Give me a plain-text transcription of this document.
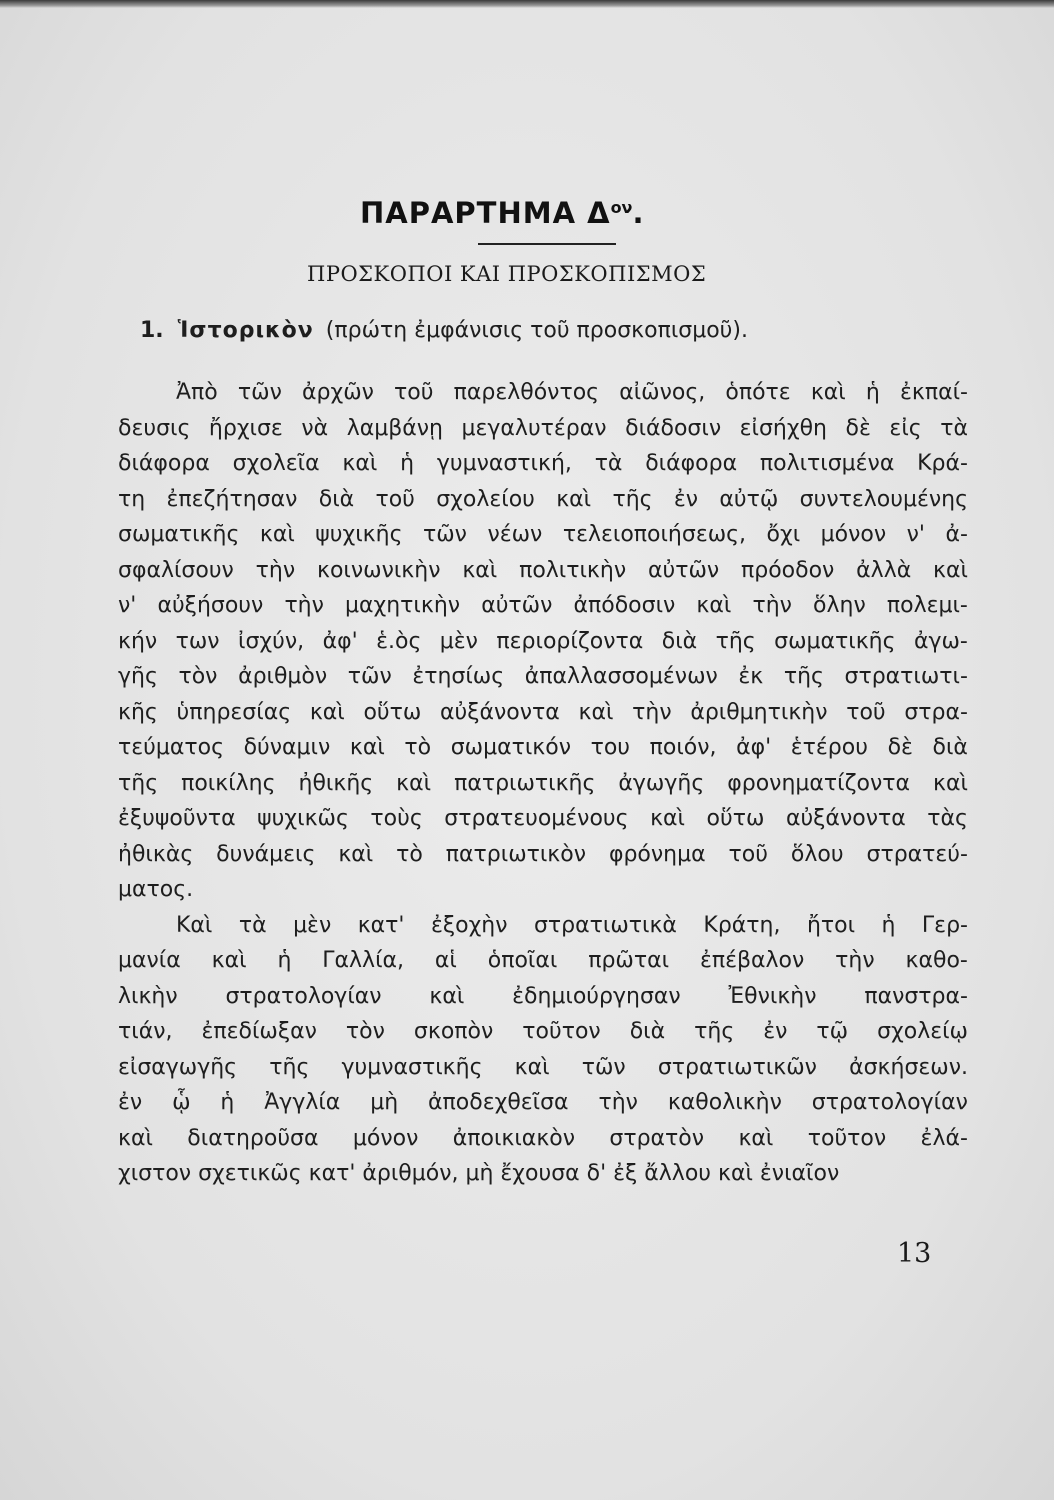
ΠΑΡΑΡΤΗΜΑ $\Delta^{o\nu}$.
ΠΡΟΣΚΟΠΟΙ ΚΑΙ ΠΡΟΣΚΟΠΙΣΜΟΣ
1. Ἱστορικὸν (πρώτη ἐμφάνισις τοῦ προσκοπισμοῦ).
Ἀπὸ τῶν ἀρχῶν τοῦ παρελθόντος αἰῶνος, ὁπότε καὶ ἡ ἐκπαί-
δευσις ἤρχισε νὰ λαμβάνῃ μεγαλυτέραν διάδοσιν εἰσήχθη δὲ εἰς τὰ
διάφορα σχολεῖα καὶ ἡ γυμναστική, τὰ διάφορα πολιτισμένα Κρά-
τη ἐπεζήτησαν διὰ τοῦ σχολείου καὶ τῆς ἐν αὐτῷ συντελουμένης
σωματικῆς καὶ ψυχικῆς τῶν νέων τελειοποιήσεως, ὄχι μόνον ν' ἀ-
σφαλίσουν τὴν κοινωνικὴν καὶ πολιτικὴν αὐτῶν πρόοδον ἀλλὰ καὶ
ν' αὐξήσουν τὴν μαχητικὴν αὐτῶν ἀπόδοσιν καὶ τὴν ὅλην πολεμι-
κήν των ἰσχύν, ἀφ' ἑ.ὸς μὲν περιορίζοντα διὰ τῆς σωματικῆς ἀγω-
γῆς τὸν ἀριθμὸν τῶν ἐτησίως ἀπαλλασσομένων ἐκ τῆς στρατιωτι-
κῆς ὑπηρεσίας καὶ οὕτω αὐξάνοντα καὶ τὴν ἀριθμητικὴν τοῦ στρα-
τεύματος δύναμιν καὶ τὸ σωματικόν του ποιόν, ἀφ' ἑτέρου δὲ διὰ
τῆς ποικίλης ἠθικῆς καὶ πατριωτικῆς ἀγωγῆς φρονηματίζοντα καὶ
ἐξυψοῦντα ψυχικῶς τοὺς στρατευομένους καὶ οὕτω αὐξάνοντα τὰς
ἠθικὰς δυνάμεις καὶ τὸ πατριωτικὸν φρόνημα τοῦ ὅλου στρατεύ-
ματος.
Καὶ τὰ μὲν κατ' ἐξοχὴν στρατιωτικὰ Κράτη, ἤτοι ἡ Γερ-
μανία καὶ ἡ Γαλλία, αἱ ὁποῖαι πρῶται ἐπέβαλον τὴν καθο-
λικὴν στρατολογίαν καὶ ἐδημιούργησαν Ἐθνικὴν πανστρα-
τιάν, ἐπεδίωξαν τὸν σκοπὸν τοῦτον διὰ τῆς ἐν τῷ σχολείῳ
εἰσαγωγῆς τῆς γυμναστικῆς καὶ τῶν στρατιωτικῶν ἀσκήσεων.
ἐν ᾧ ἡ Ἀγγλία μὴ ἀποδεχθεῖσα τὴν καθολικὴν στρατολογίαν
καὶ διατηροῦσα μόνον ἀποικιακὸν στρατὸν καὶ τοῦτον ἐλά-
χιστον σχετικῶς κατ' ἀριθμόν, μὴ ἔχουσα δ' ἐξ ἄλλου καὶ ἐνιαῖον
13
